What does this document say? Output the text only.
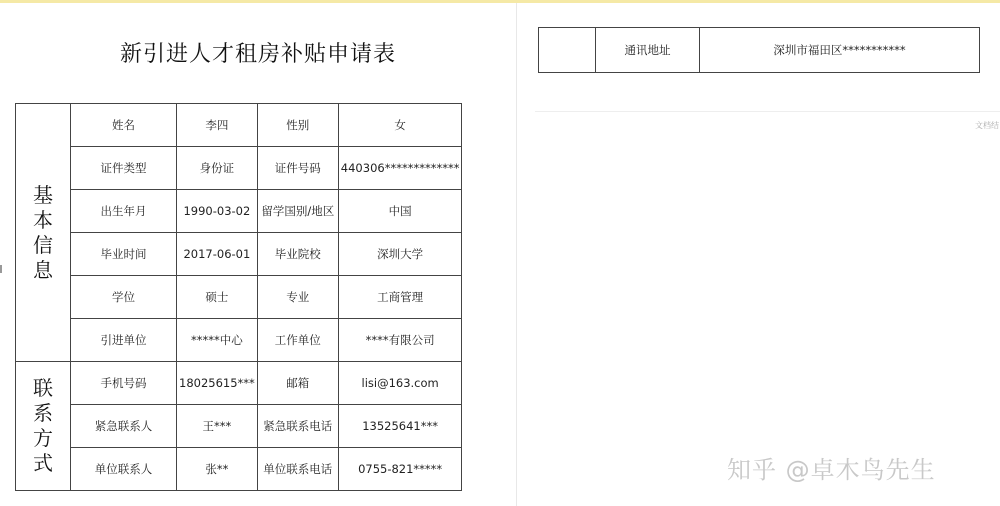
新引进人才租房补贴申请表
基
本
信
息	姓名	李四	性别	女
	证件类型	身份证	证件号码	440306*************
	出生年月	1990-03-02	留学国别/地区	中国
	毕业时间	2017-06-01	毕业院校	深圳大学
	学位	硕士	专业	工商管理
	引进单位	*****中心	工作单位	****有限公司

联
系
方
式	手机号码	18025615***	邮箱	lisi@163.com
	紧急联系人	王***	紧急联系电话	13525641***
	单位联系人	张**	单位联系电话	0755-821*****
	通讯地址	深圳市福田区***********
文档结
知乎 @卓木鸟先生
